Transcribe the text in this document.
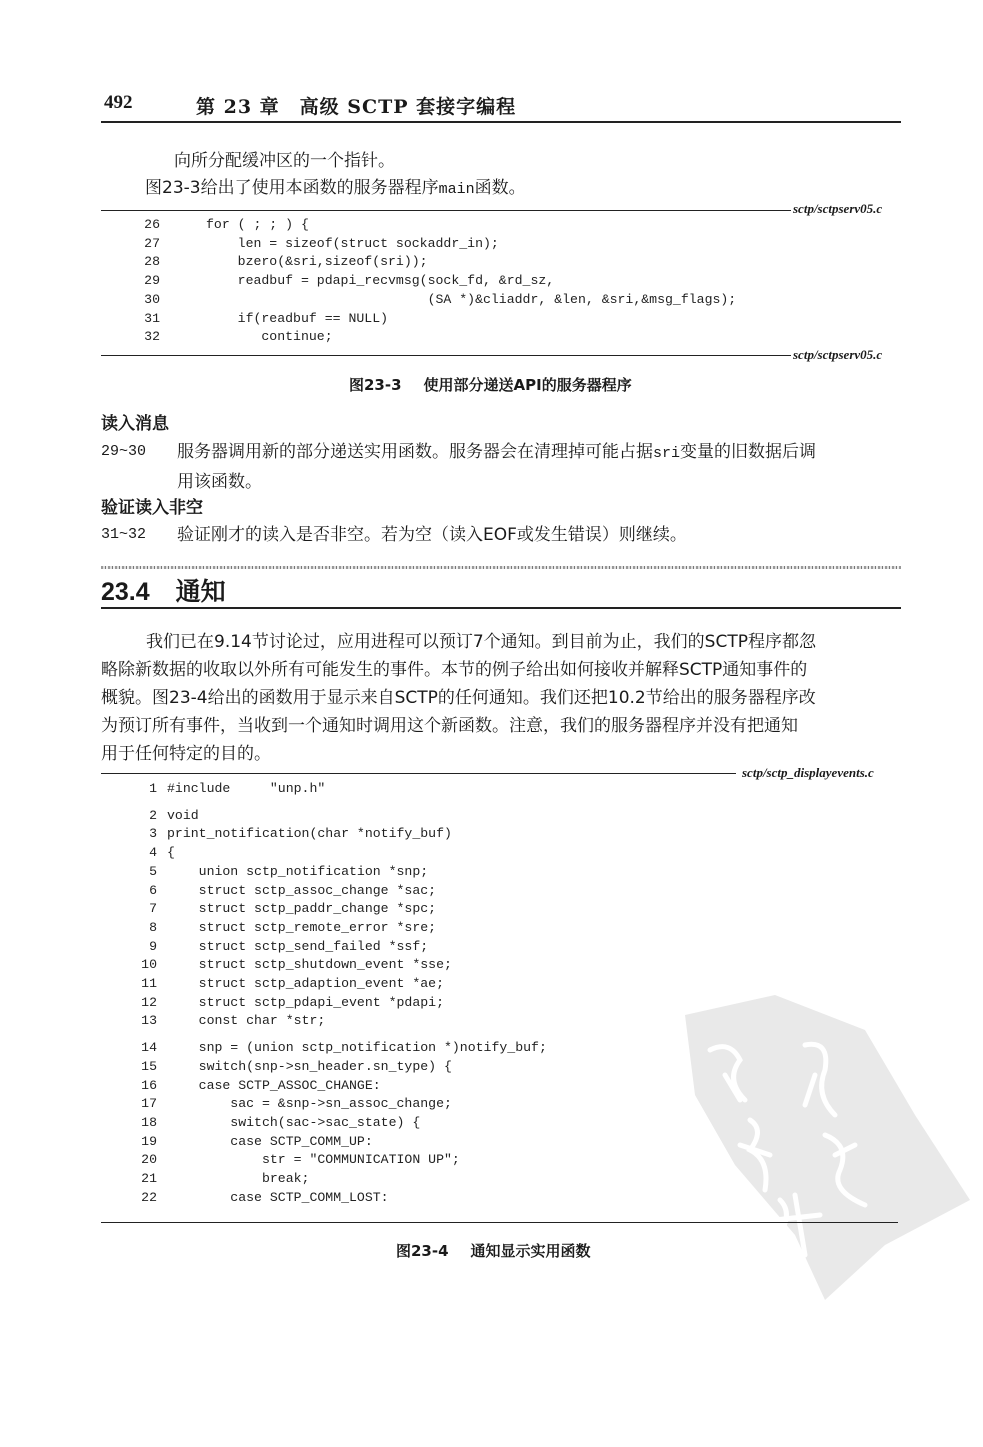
492	第 23 章　高级 SCTP 套接字编程
向所分配缓冲区的一个指针。
图23-3给出了使用本函数的服务器程序main函数。
sctp/sctpserv05.c
26	for ( ; ; ) {
27	len = sizeof(struct sockaddr_in);
28	bzero(&sri,sizeof(sri));
29	readbuf = pdapi_recvmsg(sock_fd, &rd_sz,
30	(SA *)&cliaddr, &len, &sri,&msg_flags);
31	if(readbuf == NULL)
32	continue;
sctp/sctpserv05.c
图23-3 使用部分递送API的服务器程序
读入消息
29~30 服务器调用新的部分递送实用函数。服务器会在清理掉可能占据sri变量的旧数据后调
用该函数。
验证读入非空
31~32 验证刚才的读入是否非空。若为空（读入EOF或发生错误）则继续。
23.4 通知
我们已在9.14节讨论过，应用进程可以预订7个通知。到目前为止，我们的SCTP程序都忽
略除新数据的收取以外所有可能发生的事件。本节的例子给出如何接收并解释SCTP通知事件的
概貌。图23-4给出的函数用于显示来自SCTP的任何通知。我们还把10.2节给出的服务器程序改
为预订所有事件，当收到一个通知时调用这个新函数。注意，我们的服务器程序并没有把通知
用于任何特定的目的。
sctp/sctp_displayevents.c
1 #include     "unp.h"
2 void
3 print_notification(char *notify_buf)
4 {
5 union sctp_notification *snp;
6 struct sctp_assoc_change *sac;
7 struct sctp_paddr_change *spc;
8 struct sctp_remote_error *sre;
9 struct sctp_send_failed *ssf;
10 struct sctp_shutdown_event *sse;
11 struct sctp_adaption_event *ae;
12 struct sctp_pdapi_event *pdapi;
13 const char *str;
14 snp = (union sctp_notification *)notify_buf;
15 switch(snp->sn_header.sn_type) {
16 case SCTP_ASSOC_CHANGE:
17 sac = &snp->sn_assoc_change;
18 switch(sac->sac_state) {
19 case SCTP_COMM_UP:
20 str = "COMMUNICATION UP";
21 break;
22 case SCTP_COMM_LOST:
PDG
图23-4 通知显示实用函数
